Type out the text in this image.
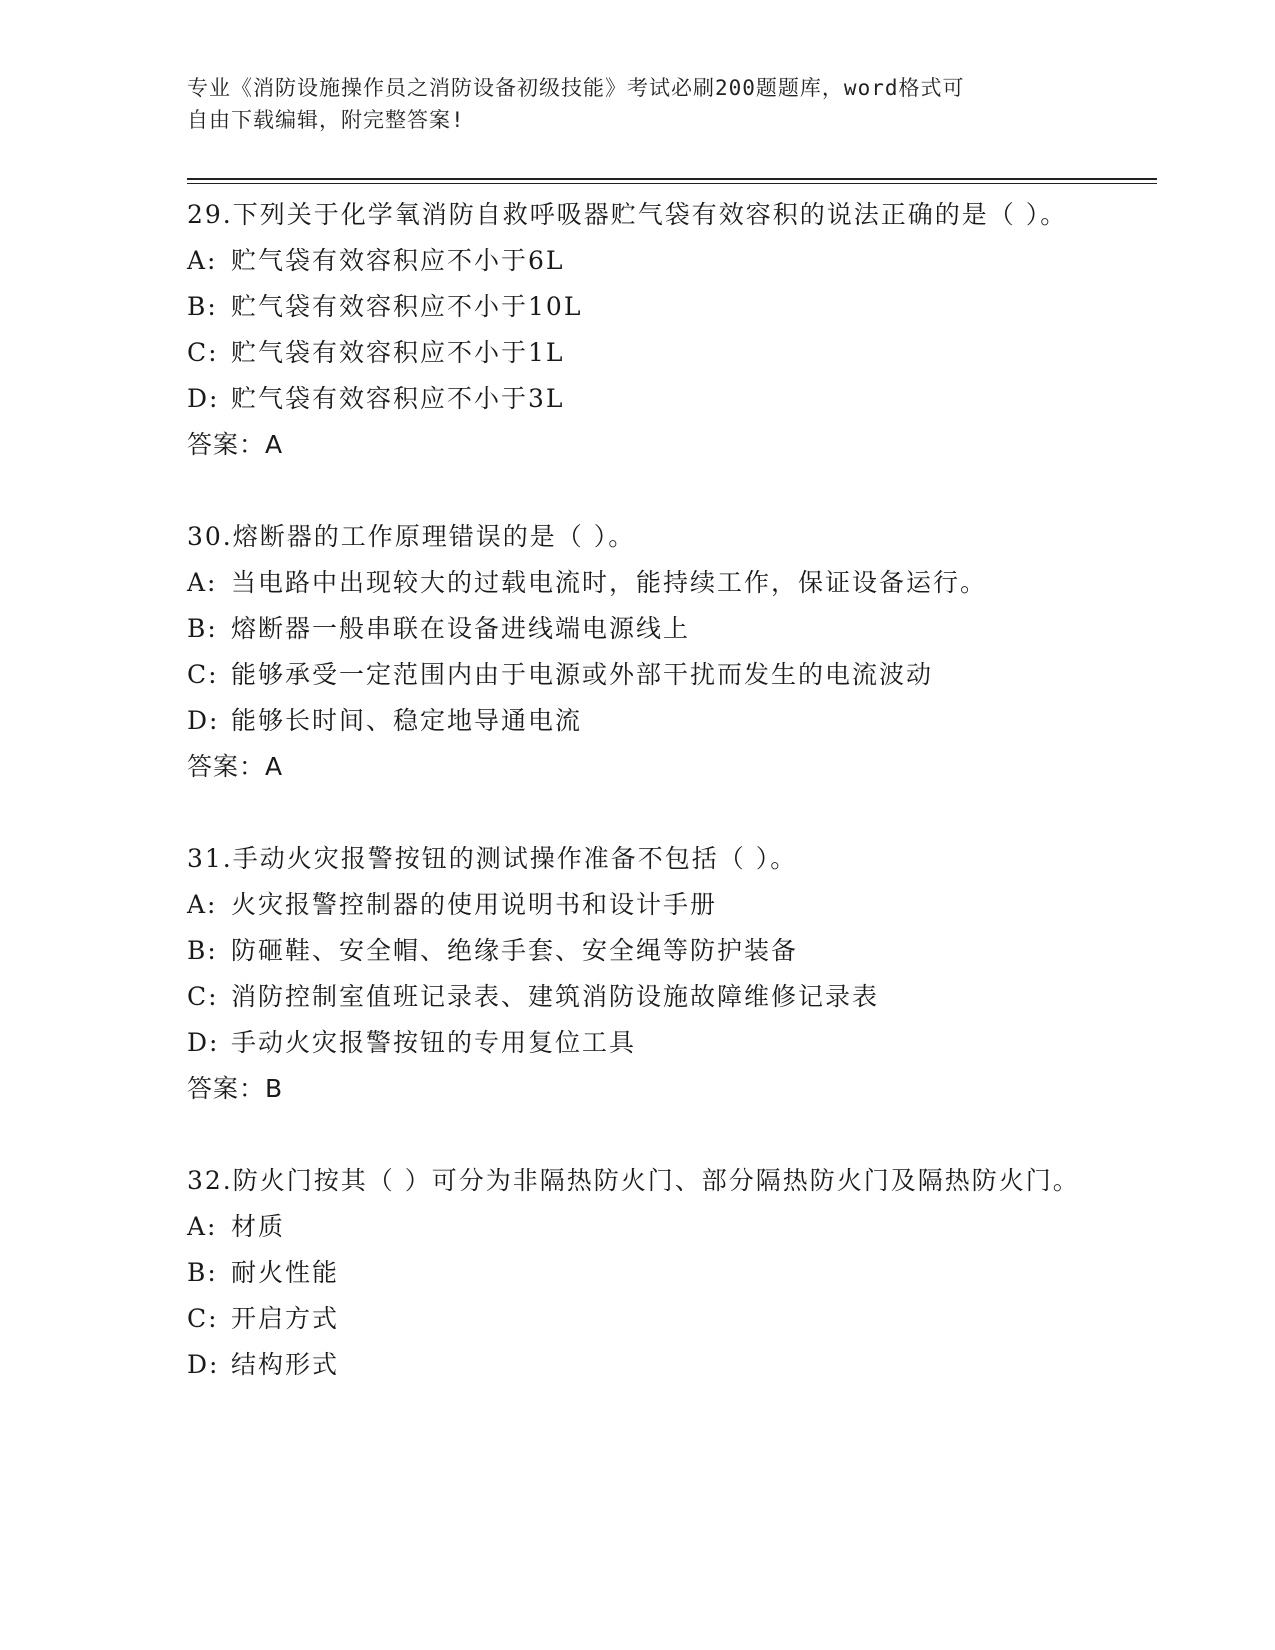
专业《消防设施操作员之消防设备初级技能》考试必刷200题题库，word格式可
自由下载编辑，附完整答案!

29.下列关于化学氧消防自救呼吸器贮气袋有效容积的说法正确的是（ ）。

A: 贮气袋有效容积应不小于6L

B: 贮气袋有效容积应不小于10L

C: 贮气袋有效容积应不小于1L

D: 贮气袋有效容积应不小于3L

答案：A

30.熔断器的工作原理错误的是（ ）。

A: 当电路中出现较大的过载电流时，能持续工作，保证设备运行。

B: 熔断器一般串联在设备进线端电源线上

C: 能够承受一定范围内由于电源或外部干扰而发生的电流波动

D: 能够长时间、稳定地导通电流

答案：A

31.手动火灾报警按钮的测试操作准备不包括（ ）。

A: 火灾报警控制器的使用说明书和设计手册

B: 防砸鞋、安全帽、绝缘手套、安全绳等防护装备

C: 消防控制室值班记录表、建筑消防设施故障维修记录表

D: 手动火灾报警按钮的专用复位工具

答案：B

32.防火门按其（ ）可分为非隔热防火门、部分隔热防火门及隔热防火门。

A: 材质

B: 耐火性能

C: 开启方式

D: 结构形式
